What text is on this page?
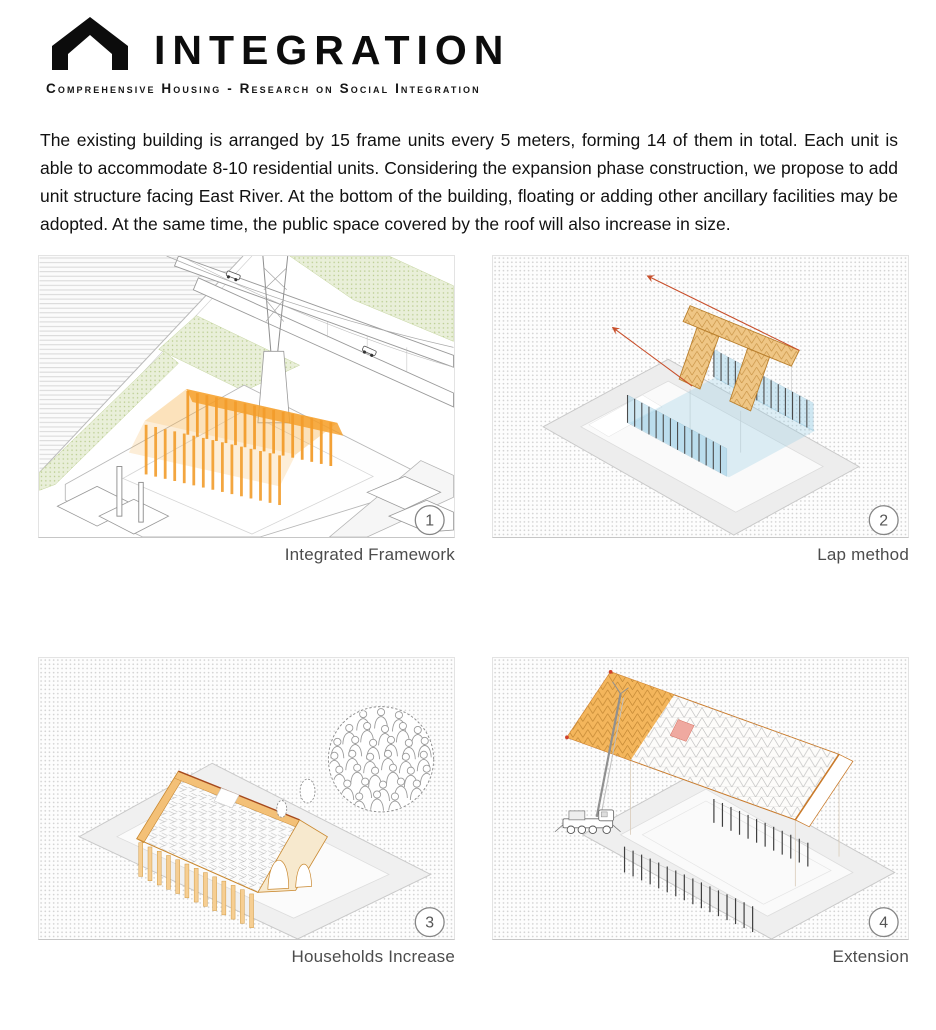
INTEGRATION
Comprehensive Housing - Research on Social Integration

The existing building is arranged by 15 frame units every 5 meters, forming 14 of them in total. Each unit is able to accommodate 8-10 residential units. Considering the expansion phase construction, we propose to add unit structure facing East River. At the bottom of the building, floating or adding other ancillary facilities may be adopted. At the same time, the public space covered by the roof will also increase in size.

1
Integrated Framework
2
Lap method
3
Households Increase
4
Extension
